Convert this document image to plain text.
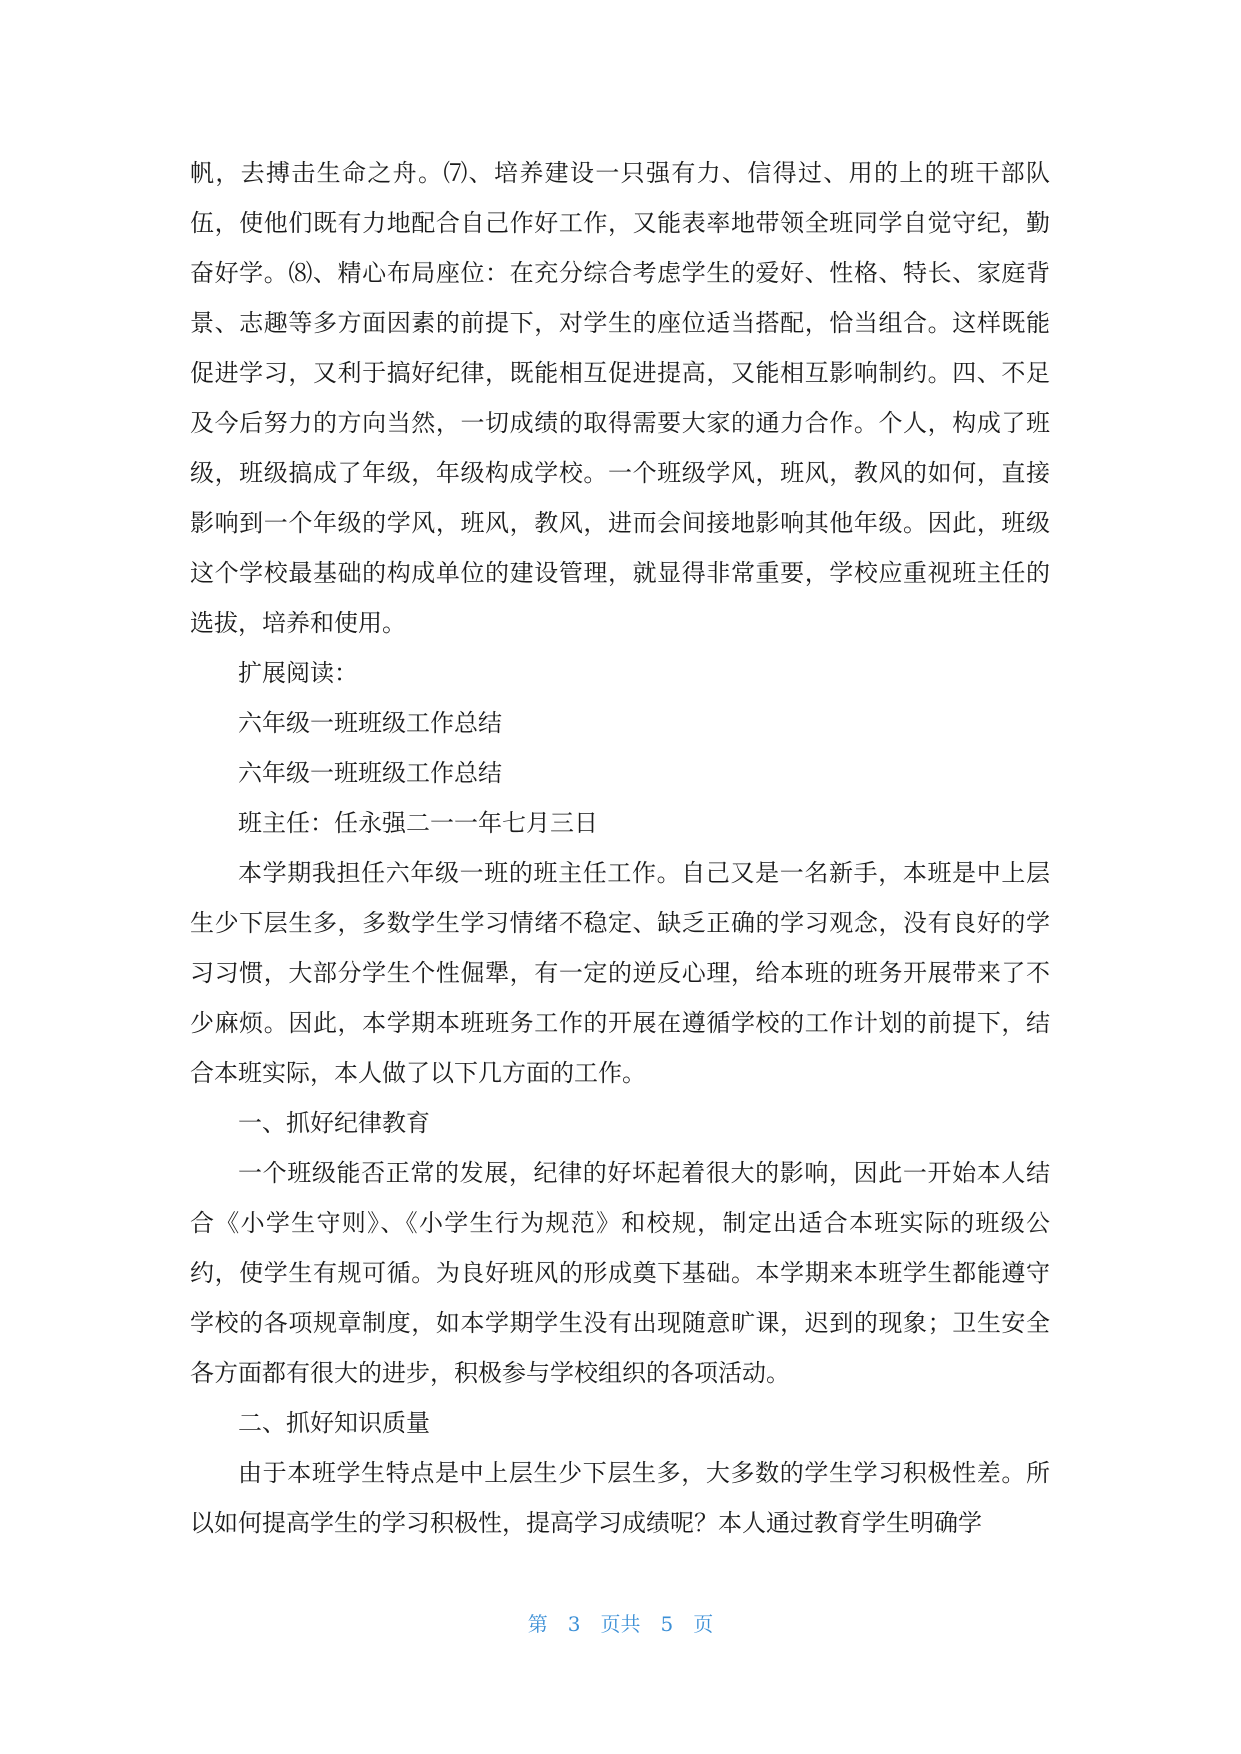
帆，去搏击生命之舟。⑺、培养建设一只强有力、信得过、用的上的班干部队伍，使他们既有力地配合自己作好工作，又能表率地带领全班同学自觉守纪，勤奋好学。⑻、精心布局座位：在充分综合考虑学生的爱好、性格、特长、家庭背景、志趣等多方面因素的前提下，对学生的座位适当搭配，恰当组合。这样既能促进学习，又利于搞好纪律，既能相互促进提高，又能相互影响制约。四、不足及今后努力的方向当然，一切成绩的取得需要大家的通力合作。个人，构成了班级，班级搞成了年级，年级构成学校。一个班级学风，班风，教风的如何，直接影响到一个年级的学风，班风，教风，进而会间接地影响其他年级。因此，班级这个学校最基础的构成单位的建设管理，就显得非常重要，学校应重视班主任的选拔，培养和使用。

扩展阅读：

六年级一班班级工作总结

六年级一班班级工作总结

班主任：任永强二一一年七月三日

本学期我担任六年级一班的班主任工作。自己又是一名新手，本班是中上层生少下层生多，多数学生学习情绪不稳定、缺乏正确的学习观念，没有良好的学习习惯，大部分学生个性倔犟，有一定的逆反心理，给本班的班务开展带来了不少麻烦。因此，本学期本班班务工作的开展在遵循学校的工作计划的前提下，结合本班实际，本人做了以下几方面的工作。

一、抓好纪律教育

一个班级能否正常的发展，纪律的好坏起着很大的影响，因此一开始本人结合《小学生守则》、《小学生行为规范》和校规，制定出适合本班实际的班级公约，使学生有规可循。为良好班风的形成奠下基础。本学期来本班学生都能遵守学校的各项规章制度，如本学期学生没有出现随意旷课，迟到的现象；卫生安全各方面都有很大的进步，积极参与学校组织的各项活动。

二、抓好知识质量

由于本班学生特点是中上层生少下层生多，大多数的学生学习积极性差。所以如何提高学生的学习积极性，提高学习成绩呢？本人通过教育学生明确学

第 3 页共 5 页
